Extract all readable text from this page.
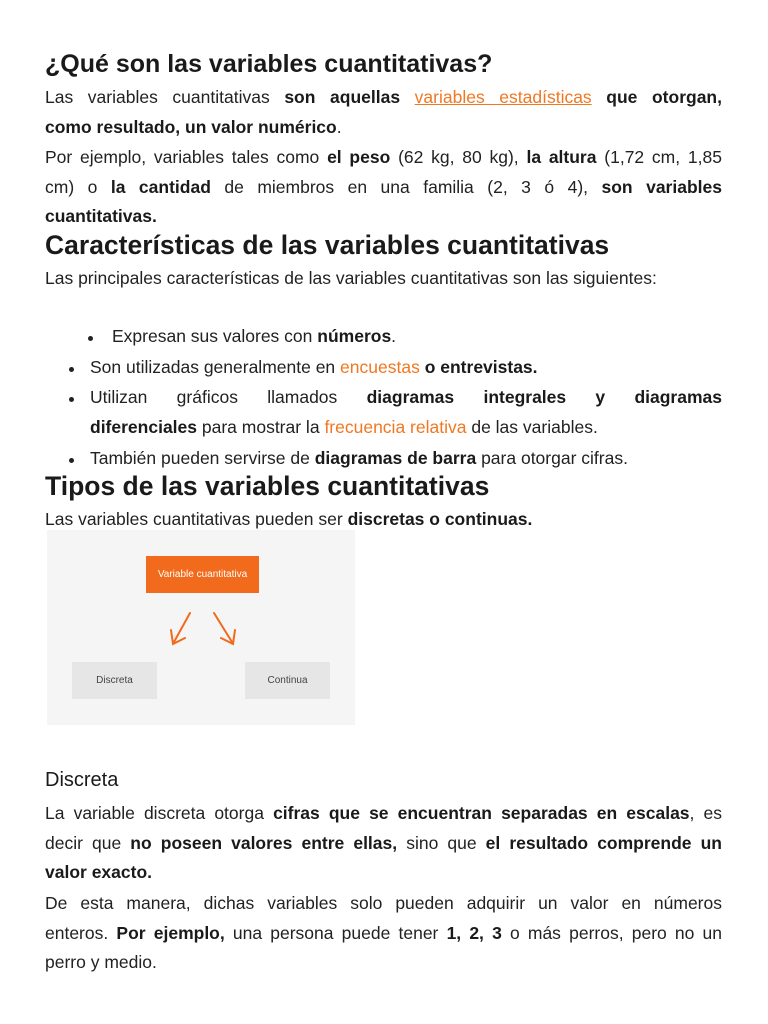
¿Qué son las variables cuantitativas?
Las variables cuantitativas son aquellas variables estadísticas que otorgan,
como resultado, un valor numérico.
Por ejemplo, variables tales como el peso (62 kg, 80 kg), la altura (1,72 cm, 1,85
cm) o la cantidad de miembros en una familia (2, 3 ó 4), son variables
cuantitativas.
Características de las variables cuantitativas
Las principales características de las variables cuantitativas son las siguientes:
Expresan sus valores con números.
Son utilizadas generalmente en encuestas o entrevistas.
Utilizan gráficos llamados diagramas integrales y diagramas
diferenciales para mostrar la frecuencia relativa de las variables.
También pueden servirse de diagramas de barra para otorgar cifras.
Tipos de las variables cuantitativas
Las variables cuantitativas pueden ser discretas o continuas.
Variable cuantitativa
Discreta	Continua
Discreta
La variable discreta otorga cifras que se encuentran separadas en escalas, es
decir que no poseen valores entre ellas, sino que el resultado comprende un
valor exacto.
De esta manera, dichas variables solo pueden adquirir un valor en números
enteros. Por ejemplo, una persona puede tener 1, 2, 3 o más perros, pero no un
perro y medio.
